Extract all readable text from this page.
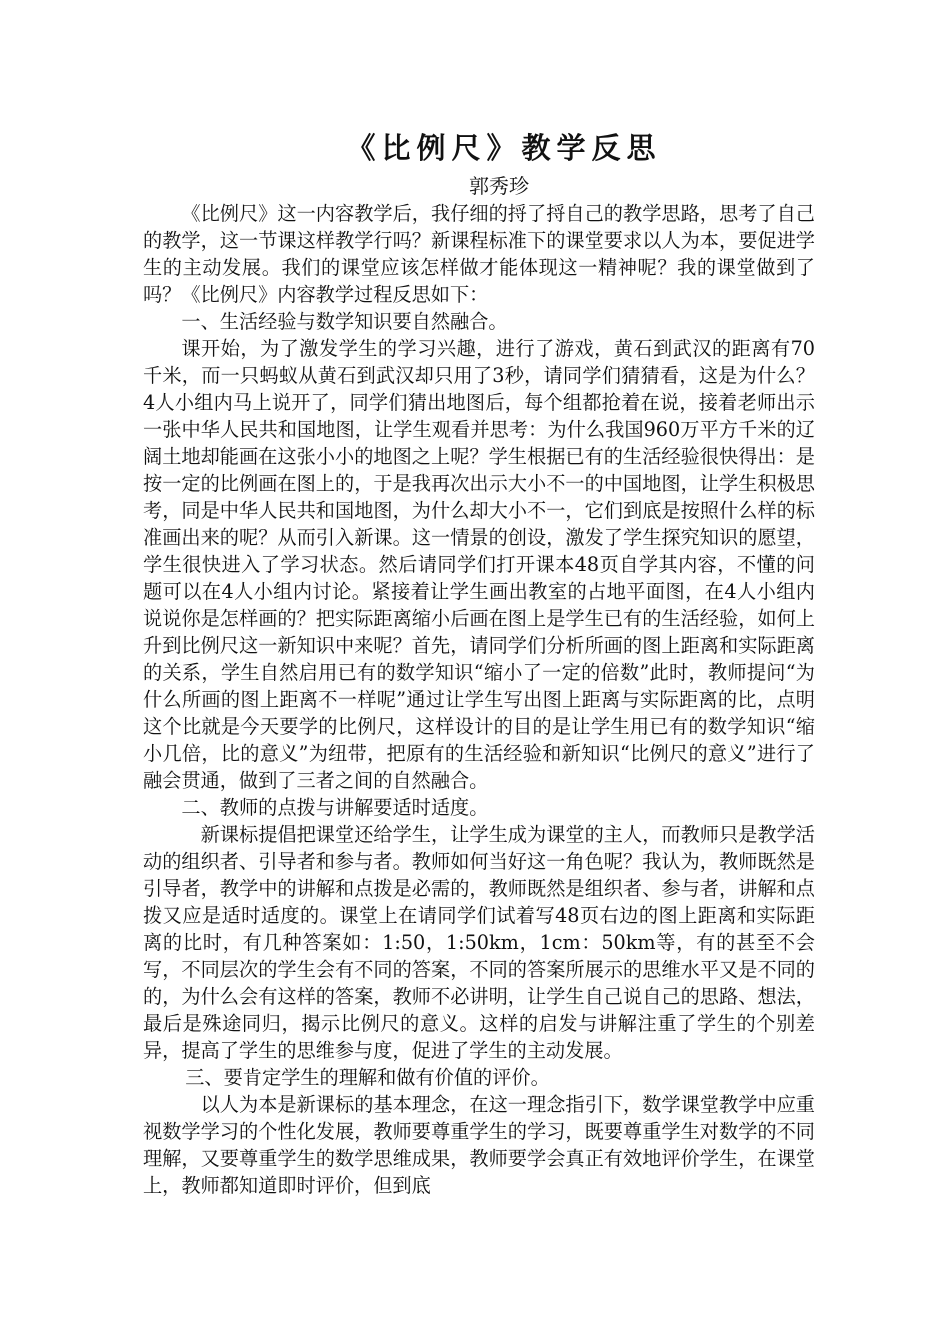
《比例尺》教学反思

郭秀珍

《比例尺》这一内容教学后，我仔细的捋了捋自己的教学思路，思考了自己的教学，这一节课这样教学行吗？新课程标准下的课堂要求以人为本，要促进学生的主动发展。我们的课堂应该怎样做才能体现这一精神呢？我的课堂做到了吗？《比例尺》内容教学过程反思如下：

一、生活经验与数学知识要自然融合。

课开始，为了激发学生的学习兴趣，进行了游戏，黄石到武汉的距离有70千米，而一只蚂蚁从黄石到武汉却只用了3秒，请同学们猜猜看，这是为什么？4人小组内马上说开了，同学们猜出地图后，每个组都抢着在说，接着老师出示一张中华人民共和国地图，让学生观看并思考：为什么我国960万平方千米的辽阔土地却能画在这张小小的地图之上呢？学生根据已有的生活经验很快得出：是按一定的比例画在图上的，于是我再次出示大小不一的中国地图，让学生积极思考，同是中华人民共和国地图，为什么却大小不一，它们到底是按照什么样的标准画出来的呢？从而引入新课。这一情景的创设，激发了学生探究知识的愿望，学生很快进入了学习状态。然后请同学们打开课本48页自学其内容，不懂的问题可以在4人小组内讨论。紧接着让学生画出教室的占地平面图，在4人小组内说说你是怎样画的？把实际距离缩小后画在图上是学生已有的生活经验，如何上升到比例尺这一新知识中来呢？首先，请同学们分析所画的图上距离和实际距离的关系，学生自然启用已有的数学知识“缩小了一定的倍数”此时，教师提问“为什么所画的图上距离不一样呢”通过让学生写出图上距离与实际距离的比，点明这个比就是今天要学的比例尺，这样设计的目的是让学生用已有的数学知识“缩小几倍，比的意义”为纽带，把原有的生活经验和新知识“比例尺的意义”进行了融会贯通，做到了三者之间的自然融合。

二、教师的点拨与讲解要适时适度。

新课标提倡把课堂还给学生，让学生成为课堂的主人，而教师只是教学活动的组织者、引导者和参与者。教师如何当好这一角色呢？我认为，教师既然是引导者，教学中的讲解和点拨是必需的，教师既然是组织者、参与者，讲解和点拨又应是适时适度的。课堂上在请同学们试着写48页右边的图上距离和实际距离的比时，有几种答案如：1:50，1:50km，1cm：50km等，有的甚至不会写，不同层次的学生会有不同的答案，不同的答案所展示的思维水平又是不同的的，为什么会有这样的答案，教师不必讲明，让学生自己说自己的思路、想法，最后是殊途同归，揭示比例尺的意义。这样的启发与讲解注重了学生的个别差异，提高了学生的思维参与度，促进了学生的主动发展。

三、要肯定学生的理解和做有价值的评价。

以人为本是新课标的基本理念，在这一理念指引下，数学课堂教学中应重视数学学习的个性化发展，教师要尊重学生的学习，既要尊重学生对数学的不同理解，又要尊重学生的数学思维成果，教师要学会真正有效地评价学生，在课堂上，教师都知道即时评价，但到底
